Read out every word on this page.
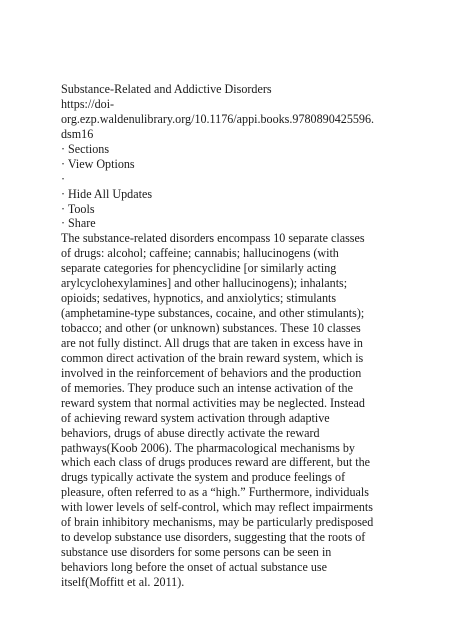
Substance-Related and Addictive Disorders
https://doi-
org.ezp.waldenulibrary.org/10.1176/appi.books.9780890425596.
dsm16
· Sections
· View Options
·
· Hide All Updates
· Tools
· Share
The substance-related disorders encompass 10 separate classes
of drugs: alcohol; caffeine; cannabis; hallucinogens (with
separate categories for phencyclidine [or similarly acting
arylcyclohexylamines] and other hallucinogens); inhalants;
opioids; sedatives, hypnotics, and anxiolytics; stimulants
(amphetamine-type substances, cocaine, and other stimulants);
tobacco; and other (or unknown) substances. These 10 classes
are not fully distinct. All drugs that are taken in excess have in
common direct activation of the brain reward system, which is
involved in the reinforcement of behaviors and the production
of memories. They produce such an intense activation of the
reward system that normal activities may be neglected. Instead
of achieving reward system activation through adaptive
behaviors, drugs of abuse directly activate the reward
pathways(Koob 2006). The pharmacological mechanisms by
which each class of drugs produces reward are different, but the
drugs typically activate the system and produce feelings of
pleasure, often referred to as a “high.” Furthermore, individuals
with lower levels of self-control, which may reflect impairments
of brain inhibitory mechanisms, may be particularly predisposed
to develop substance use disorders, suggesting that the roots of
substance use disorders for some persons can be seen in
behaviors long before the onset of actual substance use
itself(Moffitt et al. 2011).
